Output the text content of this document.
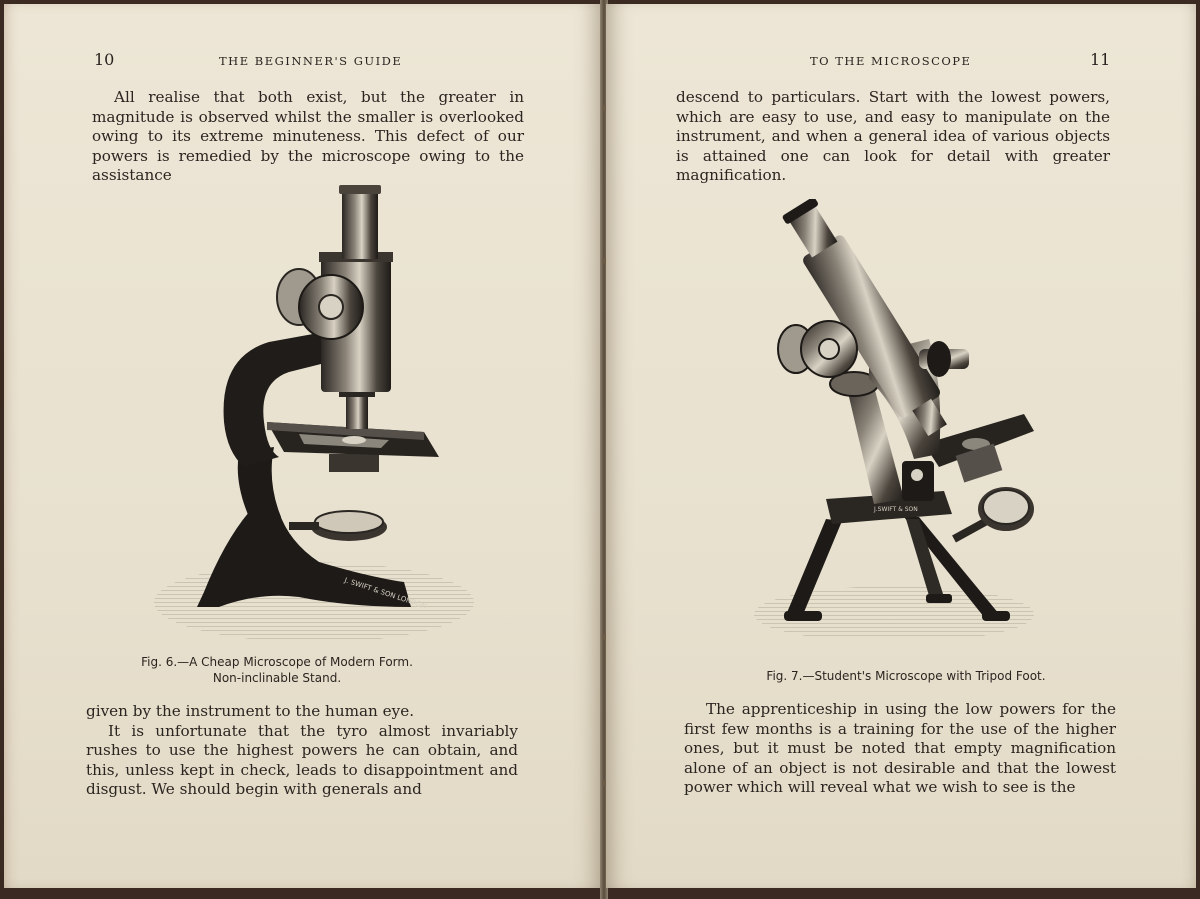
10	THE BEGINNER'S GUIDE

All realise that both exist, but the greater in magnitude is observed whilst the smaller is overlooked owing to its extreme minuteness. This defect of our powers is remedied by the microscope owing to the assistance

J. SWIFT & SON LONDON
Fig. 6.—A Cheap Microscope of Modern Form.
Non-inclinable Stand.

given by the instrument to the human eye.

It is unfortunate that the tyro almost invariably rushes to use the highest powers he can obtain, and this, unless kept in check, leads to disappointment and disgust. We should begin with generals and

TO THE MICROSCOPE	11

descend to particulars. Start with the lowest powers, which are easy to use, and easy to manipulate on the instrument, and when a general idea of various objects is attained one can look for detail with greater magnification.

J.SWIFT & SON
Fig. 7.—Student's Microscope with Tripod Foot.

The apprenticeship in using the low powers for the first few months is a training for the use of the higher ones, but it must be noted that empty magnification alone of an object is not desirable and that the lowest power which will reveal what we wish to see is the
